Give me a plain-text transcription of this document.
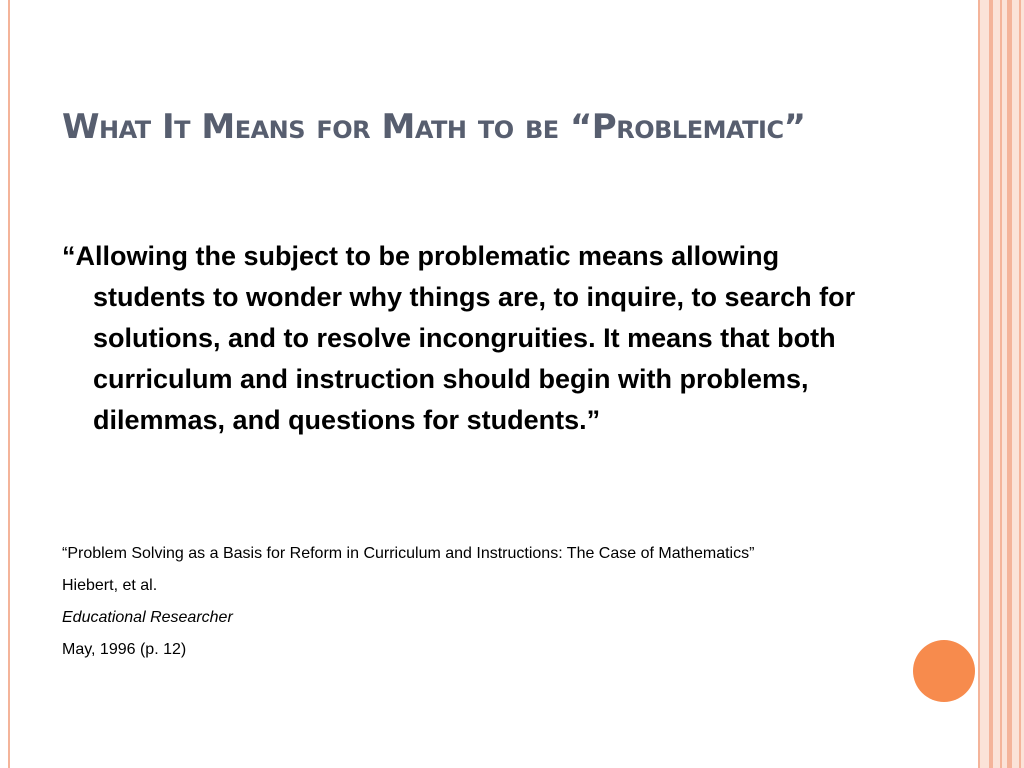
What It Means for Math to be “Problematic”

“Allowing the subject to be problematic means allowing students to wonder why things are, to inquire, to search for solutions, and to resolve incongruities. It means that both curriculum and instruction should begin with problems, dilemmas, and questions for students.”

“Problem Solving as a Basis for Reform in Curriculum and Instructions: The Case of Mathematics”

Hiebert, et al.

Educational Researcher

May, 1996 (p. 12)
